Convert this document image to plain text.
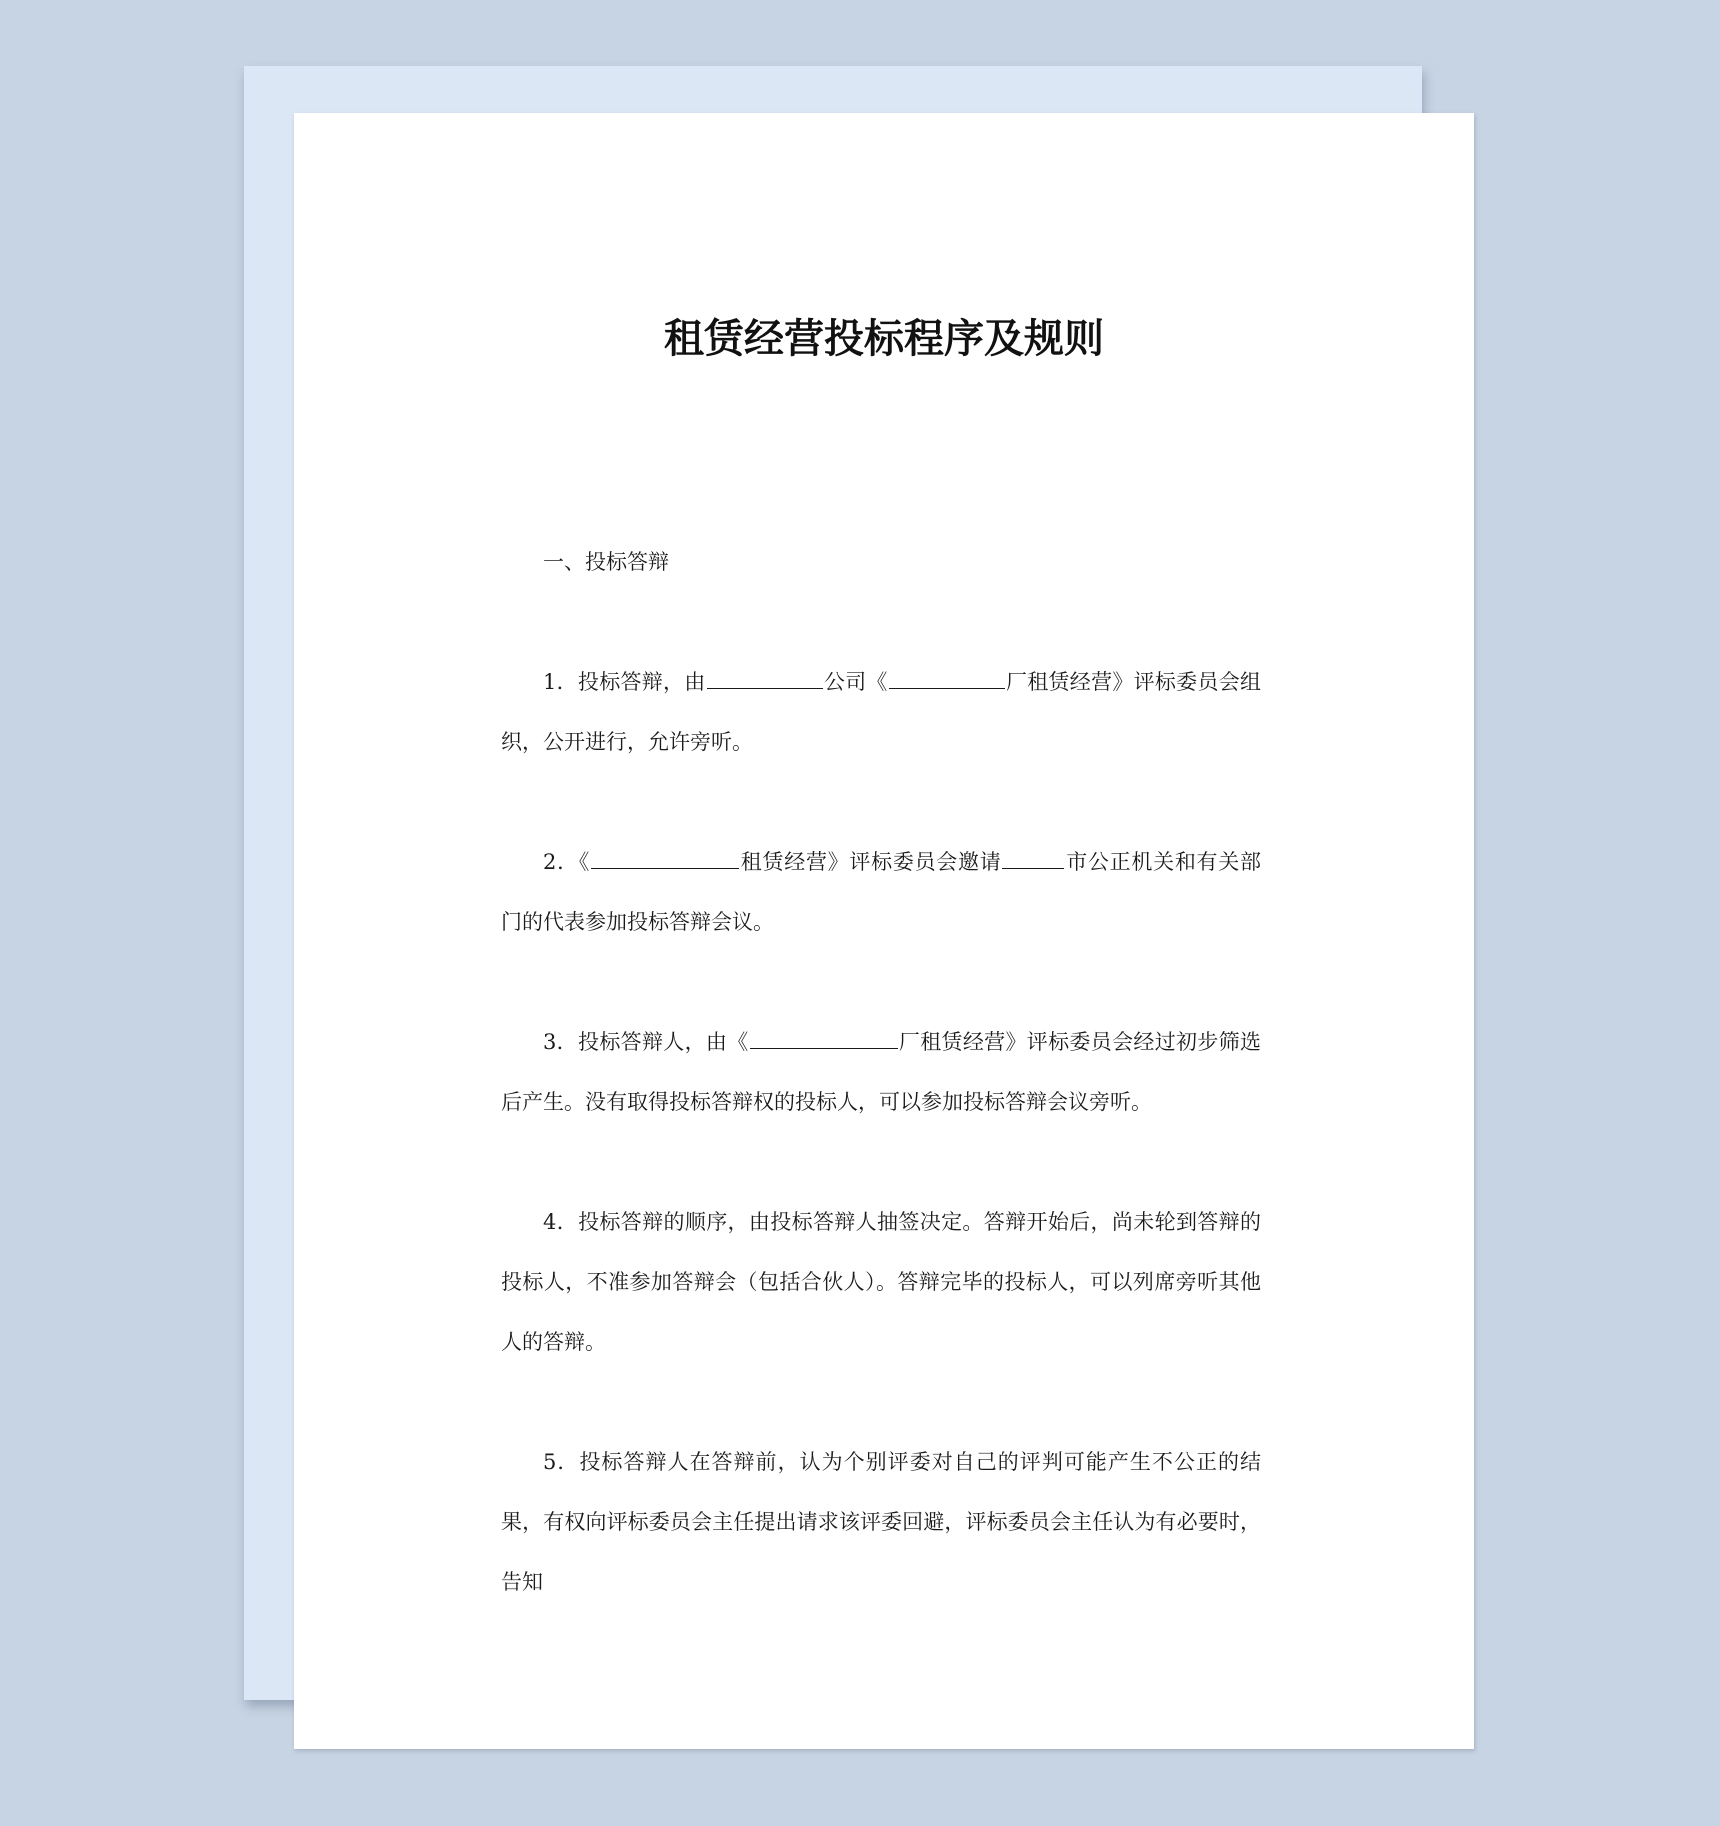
租赁经营投标程序及规则

一、投标答辩

1．投标答辩，由	公司《	厂租赁经营》评标委员会组织，公开进行，允许旁听。

2．《	租赁经营》评标委员会邀请	市公正机关和有关部门的代表参加投标答辩会议。

3．投标答辩人，由《	厂租赁经营》评标委员会经过初步筛选后产生。没有取得投标答辩权的投标人，可以参加投标答辩会议旁听。

4．投标答辩的顺序，由投标答辩人抽签决定。答辩开始后，尚未轮到答辩的投标人，不准参加答辩会（包括合伙人）。答辩完毕的投标人，可以列席旁听其他人的答辩。

5．投标答辩人在答辩前，认为个别评委对自己的评判可能产生不公正的结果，有权向评标委员会主任提出请求该评委回避，评标委员会主任认为有必要时，告知
